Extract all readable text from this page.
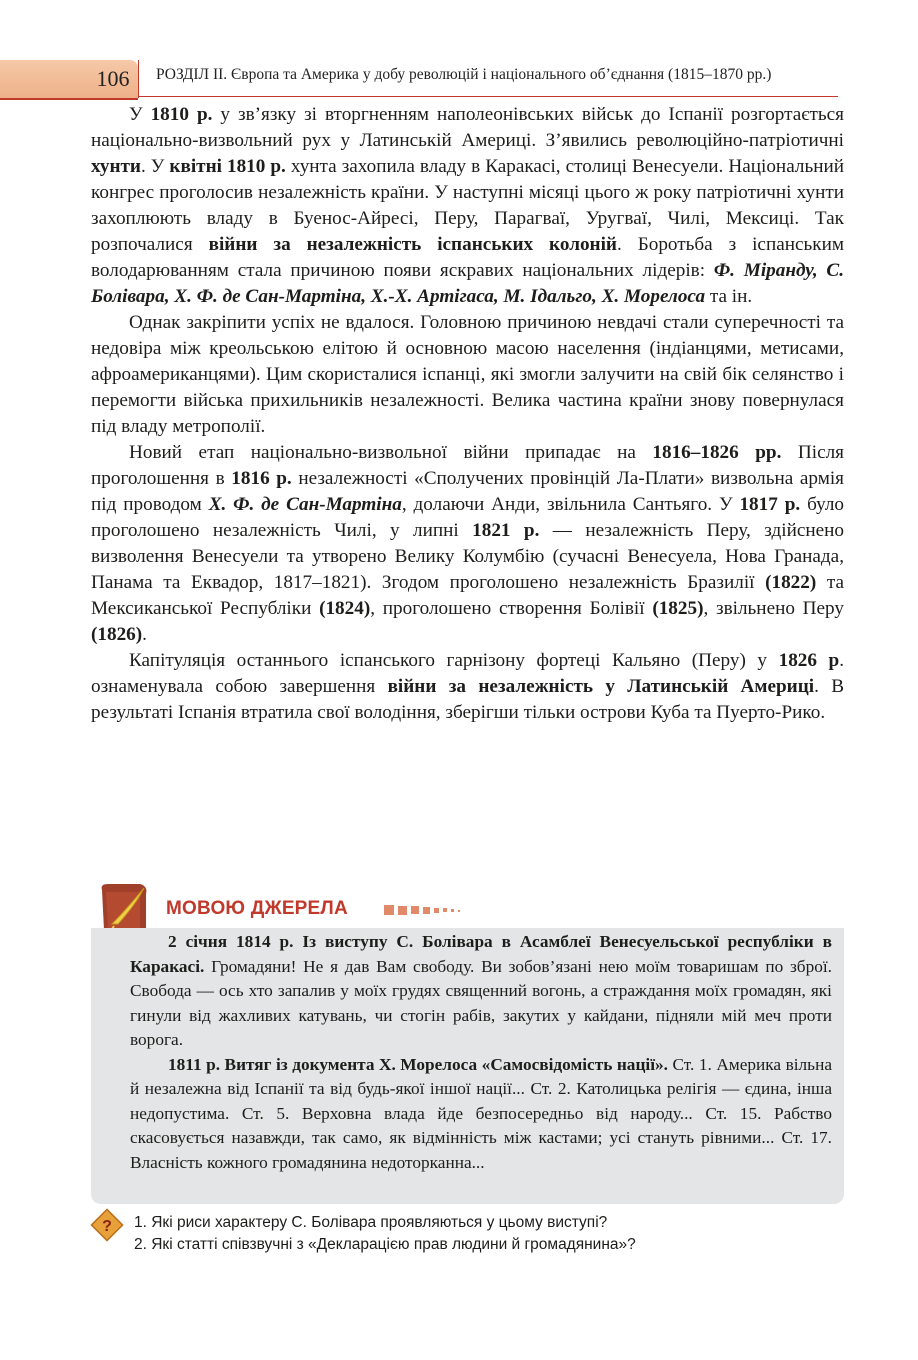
106	РОЗДІЛ II. Європа та Америка у добу революцій і національного об’єднання (1815–1870 рр.)

У 1810 р. у зв’язку зі вторгненням наполеонівських військ до Іспанії розгортається національно-визвольний рух у Латинській Америці. З’явились революційно-патріотичні хунти. У квітні 1810 р. хунта захопила владу в Каракасі, столиці Венесуели. Національний конгрес проголосив незалежність країни. У наступні місяці цього ж року патріотичні хунти захоплюють владу в Буенос-Айресі, Перу, Парагваї, Уругваї, Чилі, Мексиці. Так розпочалися війни за незалежність іспанських колоній. Боротьба з іспанським володарюванням стала причиною появи яскравих національних лідерів: Ф. Міранду, С. Болівара, Х. Ф. де Сан-Мартіна, Х.-Х. Артігаса, М. Ідальго, Х. Морелоса та ін.

Однак закріпити успіх не вдалося. Головною причиною невдачі стали суперечності та недовіра між креольською елітою й основною масою населення (індіанцями, метисами, афроамериканцями). Цим скористалися іспанці, які змогли залучити на свій бік селянство і перемогти війська прихильників незалежності. Велика частина країни знову повернулася під владу метрополії.

Новий етап національно-визвольної війни припадає на 1816–1826 рр. Після проголошення в 1816 р. незалежності «Сполучених провінцій Ла-Плати» визвольна армія під проводом Х. Ф. де Сан-Мартіна, долаючи Анди, звільнила Сантьяго. У 1817 р. було проголошено незалежність Чилі, у липні 1821 р. — незалежність Перу, здійснено визволення Венесуели та утворено Велику Колумбію (сучасні Венесуела, Нова Гранада, Панама та Еквадор, 1817–1821). Згодом проголошено незалежність Бразилії (1822) та Мексиканської Республіки (1824), проголошено створення Болівії (1825), звільнено Перу (1826).

Капітуляція останнього іспанського гарнізону фортеці Кальяно (Перу) у 1826 р. ознаменувала собою завершення війни за незалежність у Латинській Америці. В результаті Іспанія втратила свої володіння, зберігши тільки острови Куба та Пуерто-Рико.

МОВОЮ ДЖЕРЕЛА

2 січня 1814 р. Із виступу С. Болівара в Асамблеї Венесуельської республіки в Каракасі. Громадяни! Не я дав Вам свободу. Ви зобов’язані нею моїм товаришам по зброї. Свобода — ось хто запалив у моїх грудях священний вогонь, а страждання моїх громадян, які гинули від жахливих катувань, чи стогін рабів, закутих у кайдани, підняли мій меч проти ворога.

1811 р. Витяг із документа Х. Морелоса «Самосвідомість нації». Ст. 1. Америка вільна й незалежна від Іспанії та від будь-якої іншої нації... Ст. 2. Католицька релігія — єдина, інша недопустима. Ст. 5. Верховна влада йде безпосередньо від народу... Ст. 15. Рабство скасовується назавжди, так само, як відмінність між кастами; усі стануть рівними... Ст. 17. Власність кожного громадянина недоторканна...

? 1. Які риси характеру С. Болівара проявляються у цьому виступі?
2. Які статті співзвучні з «Декларацією прав людини й громадянина»?
